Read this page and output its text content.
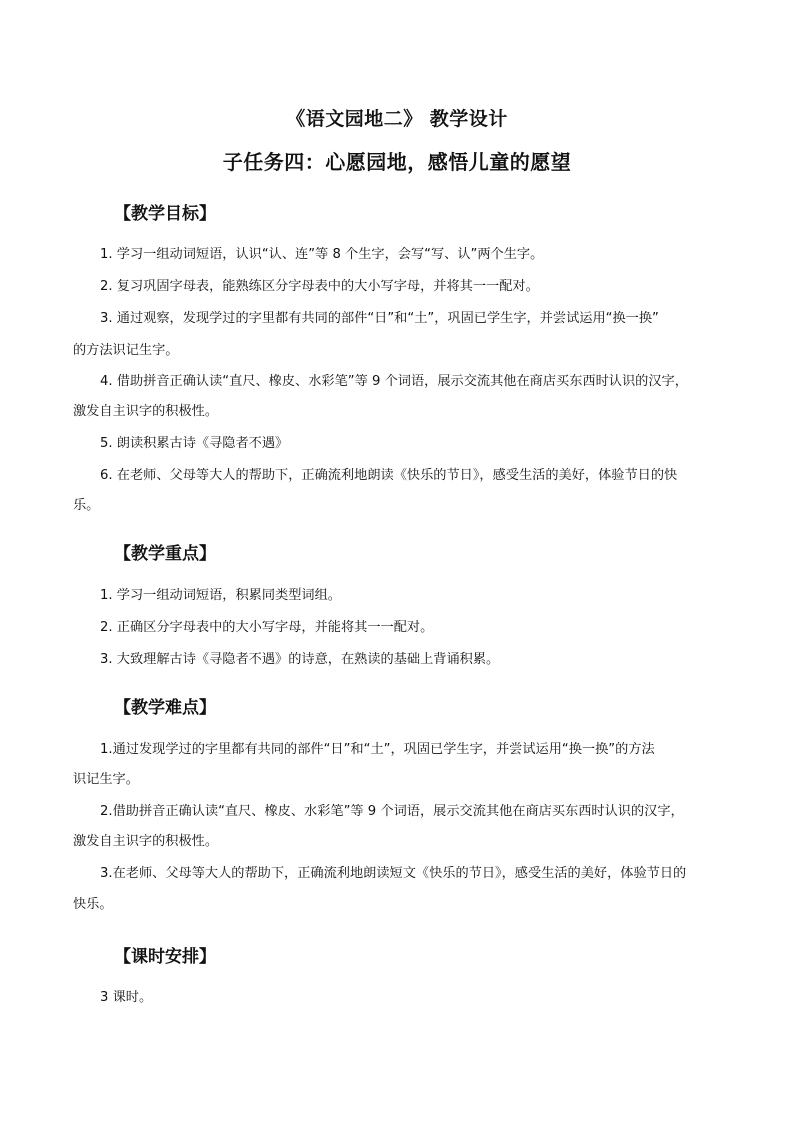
《语文园地二》 教学设计
子任务四：心愿园地，感悟儿童的愿望
【教学目标】
1. 学习一组动词短语，认识“认、连”等 8 个生字，会写“写、认”两个生字。
2. 复习巩固字母表，能熟练区分字母表中的大小写字母，并将其一一配对。
3. 通过观察，发现学过的字里都有共同的部件“日”和“土”，巩固已学生字，并尝试运用“换一换”
的方法识记生字。
4. 借助拼音正确认读“直尺、橡皮、水彩笔”等 9 个词语，展示交流其他在商店买东西时认识的汉字，
激发自主识字的积极性。
5. 朗读积累古诗《寻隐者不遇》
6. 在老师、父母等大人的帮助下，正确流利地朗读《快乐的节日》，感受生活的美好，体验节日的快
乐。
【教学重点】
1. 学习一组动词短语，积累同类型词组。
2. 正确区分字母表中的大小写字母，并能将其一一配对。
3. 大致理解古诗《寻隐者不遇》的诗意，在熟读的基础上背诵积累。
【教学难点】
1.通过发现学过的字里都有共同的部件“日”和“土”，巩固已学生字，并尝试运用“换一换”的方法
识记生字。
2.借助拼音正确认读“直尺、橡皮、水彩笔”等 9 个词语，展示交流其他在商店买东西时认识的汉字，
激发自主识字的积极性。
3.在老师、父母等大人的帮助下，正确流利地朗读短文《快乐的节日》，感受生活的美好，体验节日的
快乐。
【课时安排】
3 课时。
